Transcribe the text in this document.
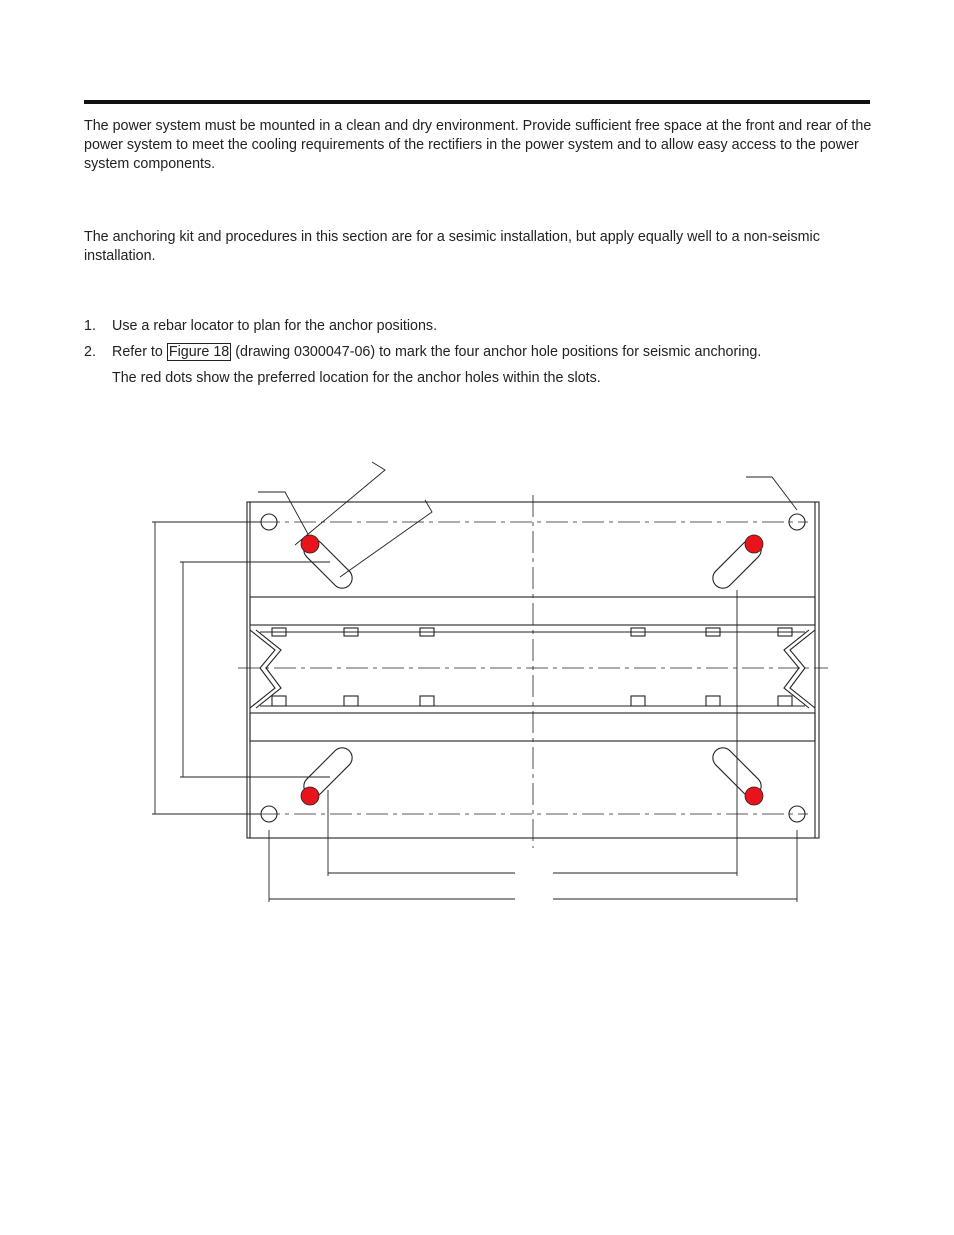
The power system must be mounted in a clean and dry environment. Provide sufficient free space at the front and rear of the power system to meet the cooling requirements of the rectifiers in the power system and to allow easy access to the power system components.

The anchoring kit and procedures in this section are for a sesimic installation, but apply equally well to a non-seismic installation.

1. Use a rebar locator to plan for the anchor positions.

2. Refer to Figure 18 (drawing 0300047-06) to mark the four anchor hole positions for seismic anchoring.

The red dots show the preferred location for the anchor holes within the slots.
